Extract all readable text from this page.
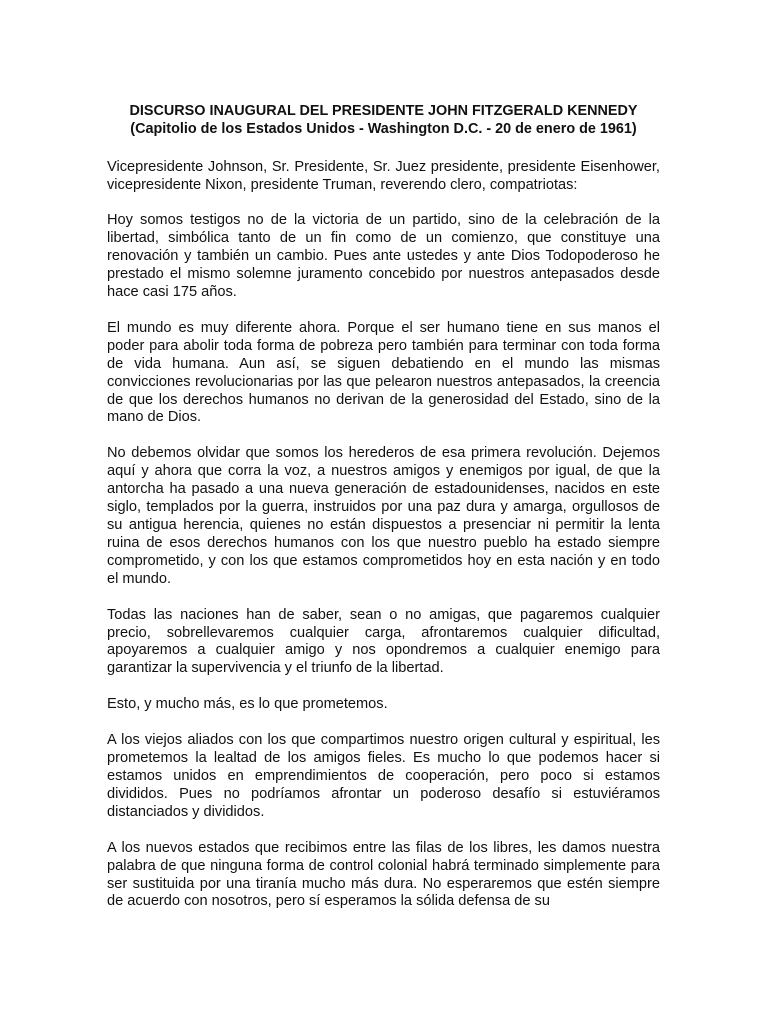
DISCURSO INAUGURAL DEL PRESIDENTE JOHN FITZGERALD KENNEDY
(Capitolio de los Estados Unidos - Washington D.C. - 20 de enero de 1961)

Vicepresidente Johnson, Sr. Presidente, Sr. Juez presidente, presidente Eisenhower, vicepresidente Nixon, presidente Truman, reverendo clero, compatriotas:

Hoy somos testigos no de la victoria de un partido, sino de la celebración de la libertad, simbólica tanto de un fin como de un comienzo, que constituye una renovación y también un cambio. Pues ante ustedes y ante Dios Todopoderoso he prestado el mismo solemne juramento concebido por nuestros antepasados desde hace casi 175 años.

El mundo es muy diferente ahora. Porque el ser humano tiene en sus manos el poder para abolir toda forma de pobreza pero también para terminar con toda forma de vida humana. Aun así, se siguen debatiendo en el mundo las mismas convicciones revolucionarias por las que pelearon nuestros antepasados, la creencia de que los derechos humanos no derivan de la generosidad del Estado, sino de la mano de Dios.

No debemos olvidar que somos los herederos de esa primera revolución. Dejemos aquí y ahora que corra la voz, a nuestros amigos y enemigos por igual, de que la antorcha ha pasado a una nueva generación de estadounidenses, nacidos en este siglo, templados por la guerra, instruidos por una paz dura y amarga, orgullosos de su antigua herencia, quienes no están dispuestos a presenciar ni permitir la lenta ruina de esos derechos humanos con los que nuestro pueblo ha estado siempre comprometido, y con los que estamos comprometidos hoy en esta nación y en todo el mundo.

Todas las naciones han de saber, sean o no amigas, que pagaremos cualquier precio, sobrellevaremos cualquier carga, afrontaremos cualquier dificultad, apoyaremos a cualquier amigo y nos opondremos a cualquier enemigo para garantizar la supervivencia y el triunfo de la libertad.

Esto, y mucho más, es lo que prometemos.

A los viejos aliados con los que compartimos nuestro origen cultural y espiritual, les prometemos la lealtad de los amigos fieles. Es mucho lo que podemos hacer si estamos unidos en emprendimientos de cooperación, pero poco si estamos divididos. Pues no podríamos afrontar un poderoso desafío si estuviéramos distanciados y divididos.

A los nuevos estados que recibimos entre las filas de los libres, les damos nuestra palabra de que ninguna forma de control colonial habrá terminado simplemente para ser sustituida por una tiranía mucho más dura. No esperaremos que estén siempre de acuerdo con nosotros, pero sí esperamos la sólida defensa de su
